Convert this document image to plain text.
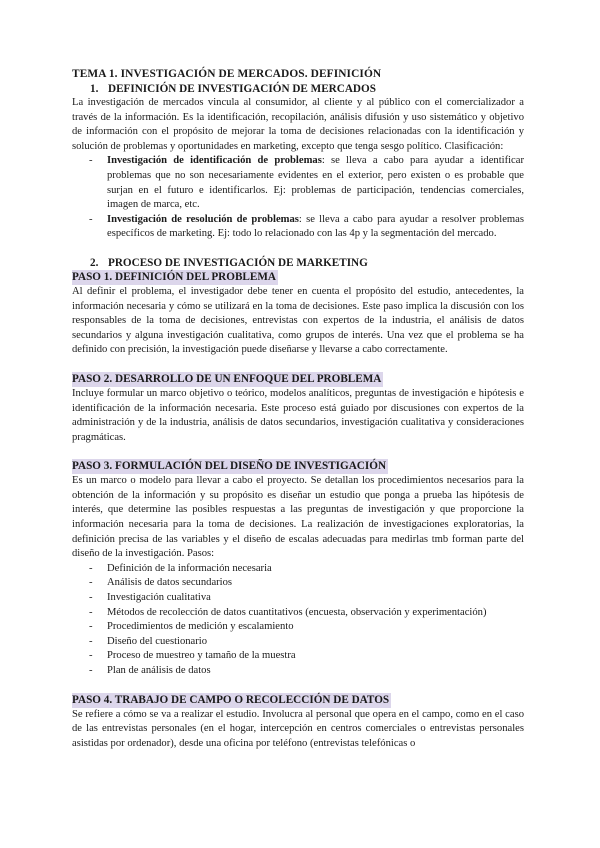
TEMA 1. INVESTIGACIÓN DE MERCADOS. DEFINICIÓN
1. DEFINICIÓN DE INVESTIGACIÓN DE MERCADOS

La investigación de mercados vincula al consumidor, al cliente y al público con el comercializador a través de la información. Es la identificación, recopilación, análisis difusión y uso sistemático y objetivo de información con el propósito de mejorar la toma de decisiones relacionadas con la identificación y solución de problemas y oportunidades en marketing, excepto que tenga sesgo político. Clasificación:

- Investigación de identificación de problemas: se lleva a cabo para ayudar a identificar problemas que no son necesariamente evidentes en el exterior, pero existen o es probable que surjan en el futuro e identificarlos. Ej: problemas de participación, tendencias comerciales, imagen de marca, etc.
- Investigación de resolución de problemas: se lleva a cabo para ayudar a resolver problemas específicos de marketing. Ej: todo lo relacionado con las 4p y la segmentación del mercado.
2. PROCESO DE INVESTIGACIÓN DE MARKETING
PASO 1. DEFINICIÓN DEL PROBLEMA

Al definir el problema, el investigador debe tener en cuenta el propósito del estudio, antecedentes, la información necesaria y cómo se utilizará en la toma de decisiones. Este paso implica la discusión con los responsables de la toma de decisiones, entrevistas con expertos de la industria, el análisis de datos secundarios y alguna investigación cualitativa, como grupos de interés. Una vez que el problema se ha definido con precisión, la investigación puede diseñarse y llevarse a cabo correctamente.

PASO 2. DESARROLLO DE UN ENFOQUE DEL PROBLEMA

Incluye formular un marco objetivo o teórico, modelos analíticos, preguntas de investigación e hipótesis e identificación de la información necesaria. Este proceso está guiado por discusiones con expertos de la administración y de la industria, análisis de datos secundarios, investigación cualitativa y consideraciones pragmáticas.

PASO 3. FORMULACIÓN DEL DISEÑO DE INVESTIGACIÓN

Es un marco o modelo para llevar a cabo el proyecto. Se detallan los procedimientos necesarios para la obtención de la información y su propósito es diseñar un estudio que ponga a prueba las hipótesis de interés, que determine las posibles respuestas a las preguntas de investigación y que proporcione la información necesaria para la toma de decisiones. La realización de investigaciones exploratorias, la definición precisa de las variables y el diseño de escalas adecuadas para medirlas tmb forman parte del diseño de la investigación. Pasos:

- Definición de la información necesaria
- Análisis de datos secundarios
- Investigación cualitativa
- Métodos de recolección de datos cuantitativos (encuesta, observación y experimentación)
- Procedimientos de medición y escalamiento
- Diseño del cuestionario
- Proceso de muestreo y tamaño de la muestra
- Plan de análisis de datos
PASO 4. TRABAJO DE CAMPO O RECOLECCIÓN DE DATOS

Se refiere a cómo se va a realizar el estudio. Involucra al personal que opera en el campo, como en el caso de las entrevistas personales (en el hogar, intercepción en centros comerciales o entrevistas personales asistidas por ordenador), desde una oficina por teléfono (entrevistas telefónicas o
